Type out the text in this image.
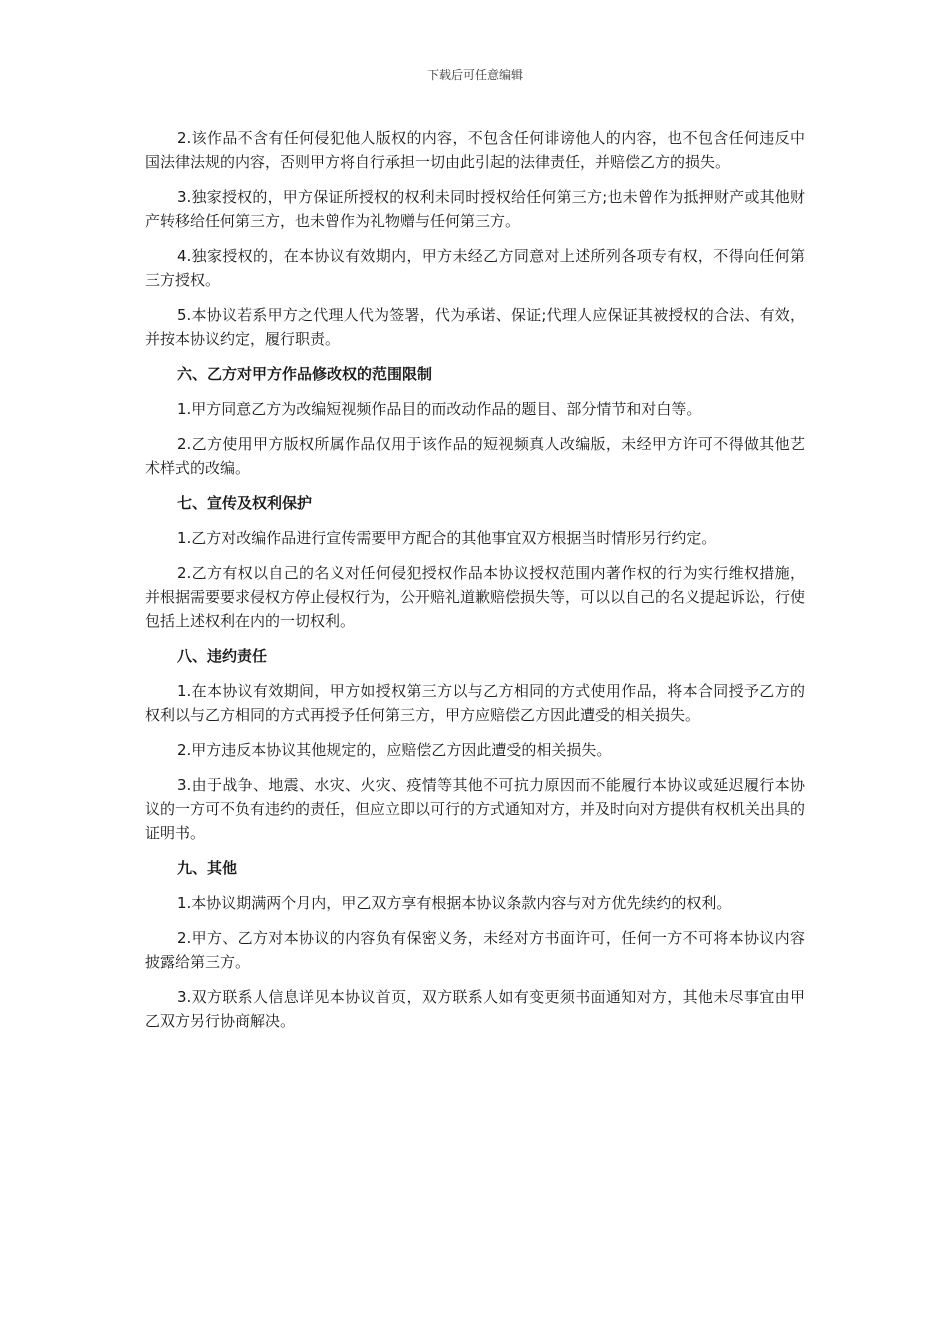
下载后可任意编辑

2.该作品不含有任何侵犯他人版权的内容，不包含任何诽谤他人的内容，也不包含任何违反中国法律法规的内容，否则甲方将自行承担一切由此引起的法律责任，并赔偿乙方的损失。

3.独家授权的，甲方保证所授权的权利未同时授权给任何第三方;也未曾作为抵押财产或其他财产转移给任何第三方，也未曾作为礼物赠与任何第三方。

4.独家授权的，在本协议有效期内，甲方未经乙方同意对上述所列各项专有权，不得向任何第三方授权。

5.本协议若系甲方之代理人代为签署，代为承诺、保证;代理人应保证其被授权的合法、有效，并按本协议约定，履行职责。

六、乙方对甲方作品修改权的范围限制

1.甲方同意乙方为改编短视频作品目的而改动作品的题目、部分情节和对白等。

2.乙方使用甲方版权所属作品仅用于该作品的短视频真人改编版，未经甲方许可不得做其他艺术样式的改编。

七、宣传及权利保护

1.乙方对改编作品进行宣传需要甲方配合的其他事宜双方根据当时情形另行约定。

2.乙方有权以自己的名义对任何侵犯授权作品本协议授权范围内著作权的行为实行维权措施，并根据需要要求侵权方停止侵权行为，公开赔礼道歉赔偿损失等，可以以自己的名义提起诉讼，行使包括上述权利在内的一切权利。

八、违约责任

1.在本协议有效期间，甲方如授权第三方以与乙方相同的方式使用作品，将本合同授予乙方的权利以与乙方相同的方式再授予任何第三方，甲方应赔偿乙方因此遭受的相关损失。

2.甲方违反本协议其他规定的，应赔偿乙方因此遭受的相关损失。

3.由于战争、地震、水灾、火灾、疫情等其他不可抗力原因而不能履行本协议或延迟履行本协议的一方可不负有违约的责任，但应立即以可行的方式通知对方，并及时向对方提供有权机关出具的证明书。

九、其他

1.本协议期满两个月内，甲乙双方享有根据本协议条款内容与对方优先续约的权利。

2.甲方、乙方对本协议的内容负有保密义务，未经对方书面许可，任何一方不可将本协议内容披露给第三方。

3.双方联系人信息详见本协议首页，双方联系人如有变更须书面通知对方，其他未尽事宜由甲乙双方另行协商解决。
